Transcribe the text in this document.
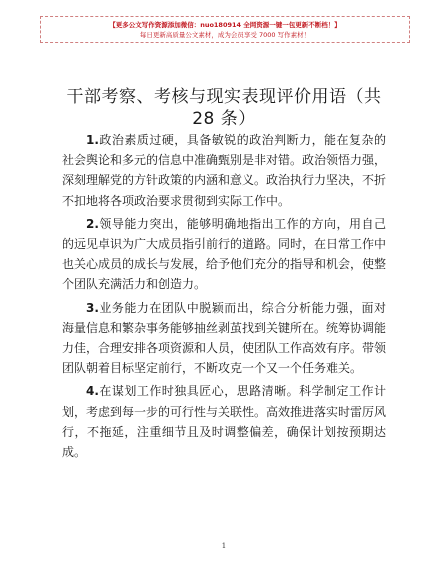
【更多公文写作资源添加微信：nuo180914 全网资源一键一包更新不断档！】
每日更新高质量公文素材，成为会员享受 7000 写作素材！
干部考察、考核与现实表现评价用语（共 28 条）

1.政治素质过硬，具备敏锐的政治判断力，能在复杂的社会舆论和多元的信息中准确甄别是非对错。政治领悟力强，深刻理解党的方针政策的内涵和意义。政治执行力坚决，不折不扣地将各项政治要求贯彻到实际工作中。

2.领导能力突出，能够明确地指出工作的方向，用自己的远见卓识为广大成员指引前行的道路。同时，在日常工作中也关心成员的成长与发展，给予他们充分的指导和机会，使整个团队充满活力和创造力。

3.业务能力在团队中脱颖而出，综合分析能力强，面对海量信息和繁杂事务能够抽丝剥茧找到关键所在。统筹协调能力佳，合理安排各项资源和人员，使团队工作高效有序。带领团队朝着目标坚定前行，不断攻克一个又一个任务难关。

4.在谋划工作时独具匠心，思路清晰。科学制定工作计划，考虑到每一步的可行性与关联性。高效推进落实时雷厉风行，不拖延，注重细节且及时调整偏差，确保计划按预期达成。

1
